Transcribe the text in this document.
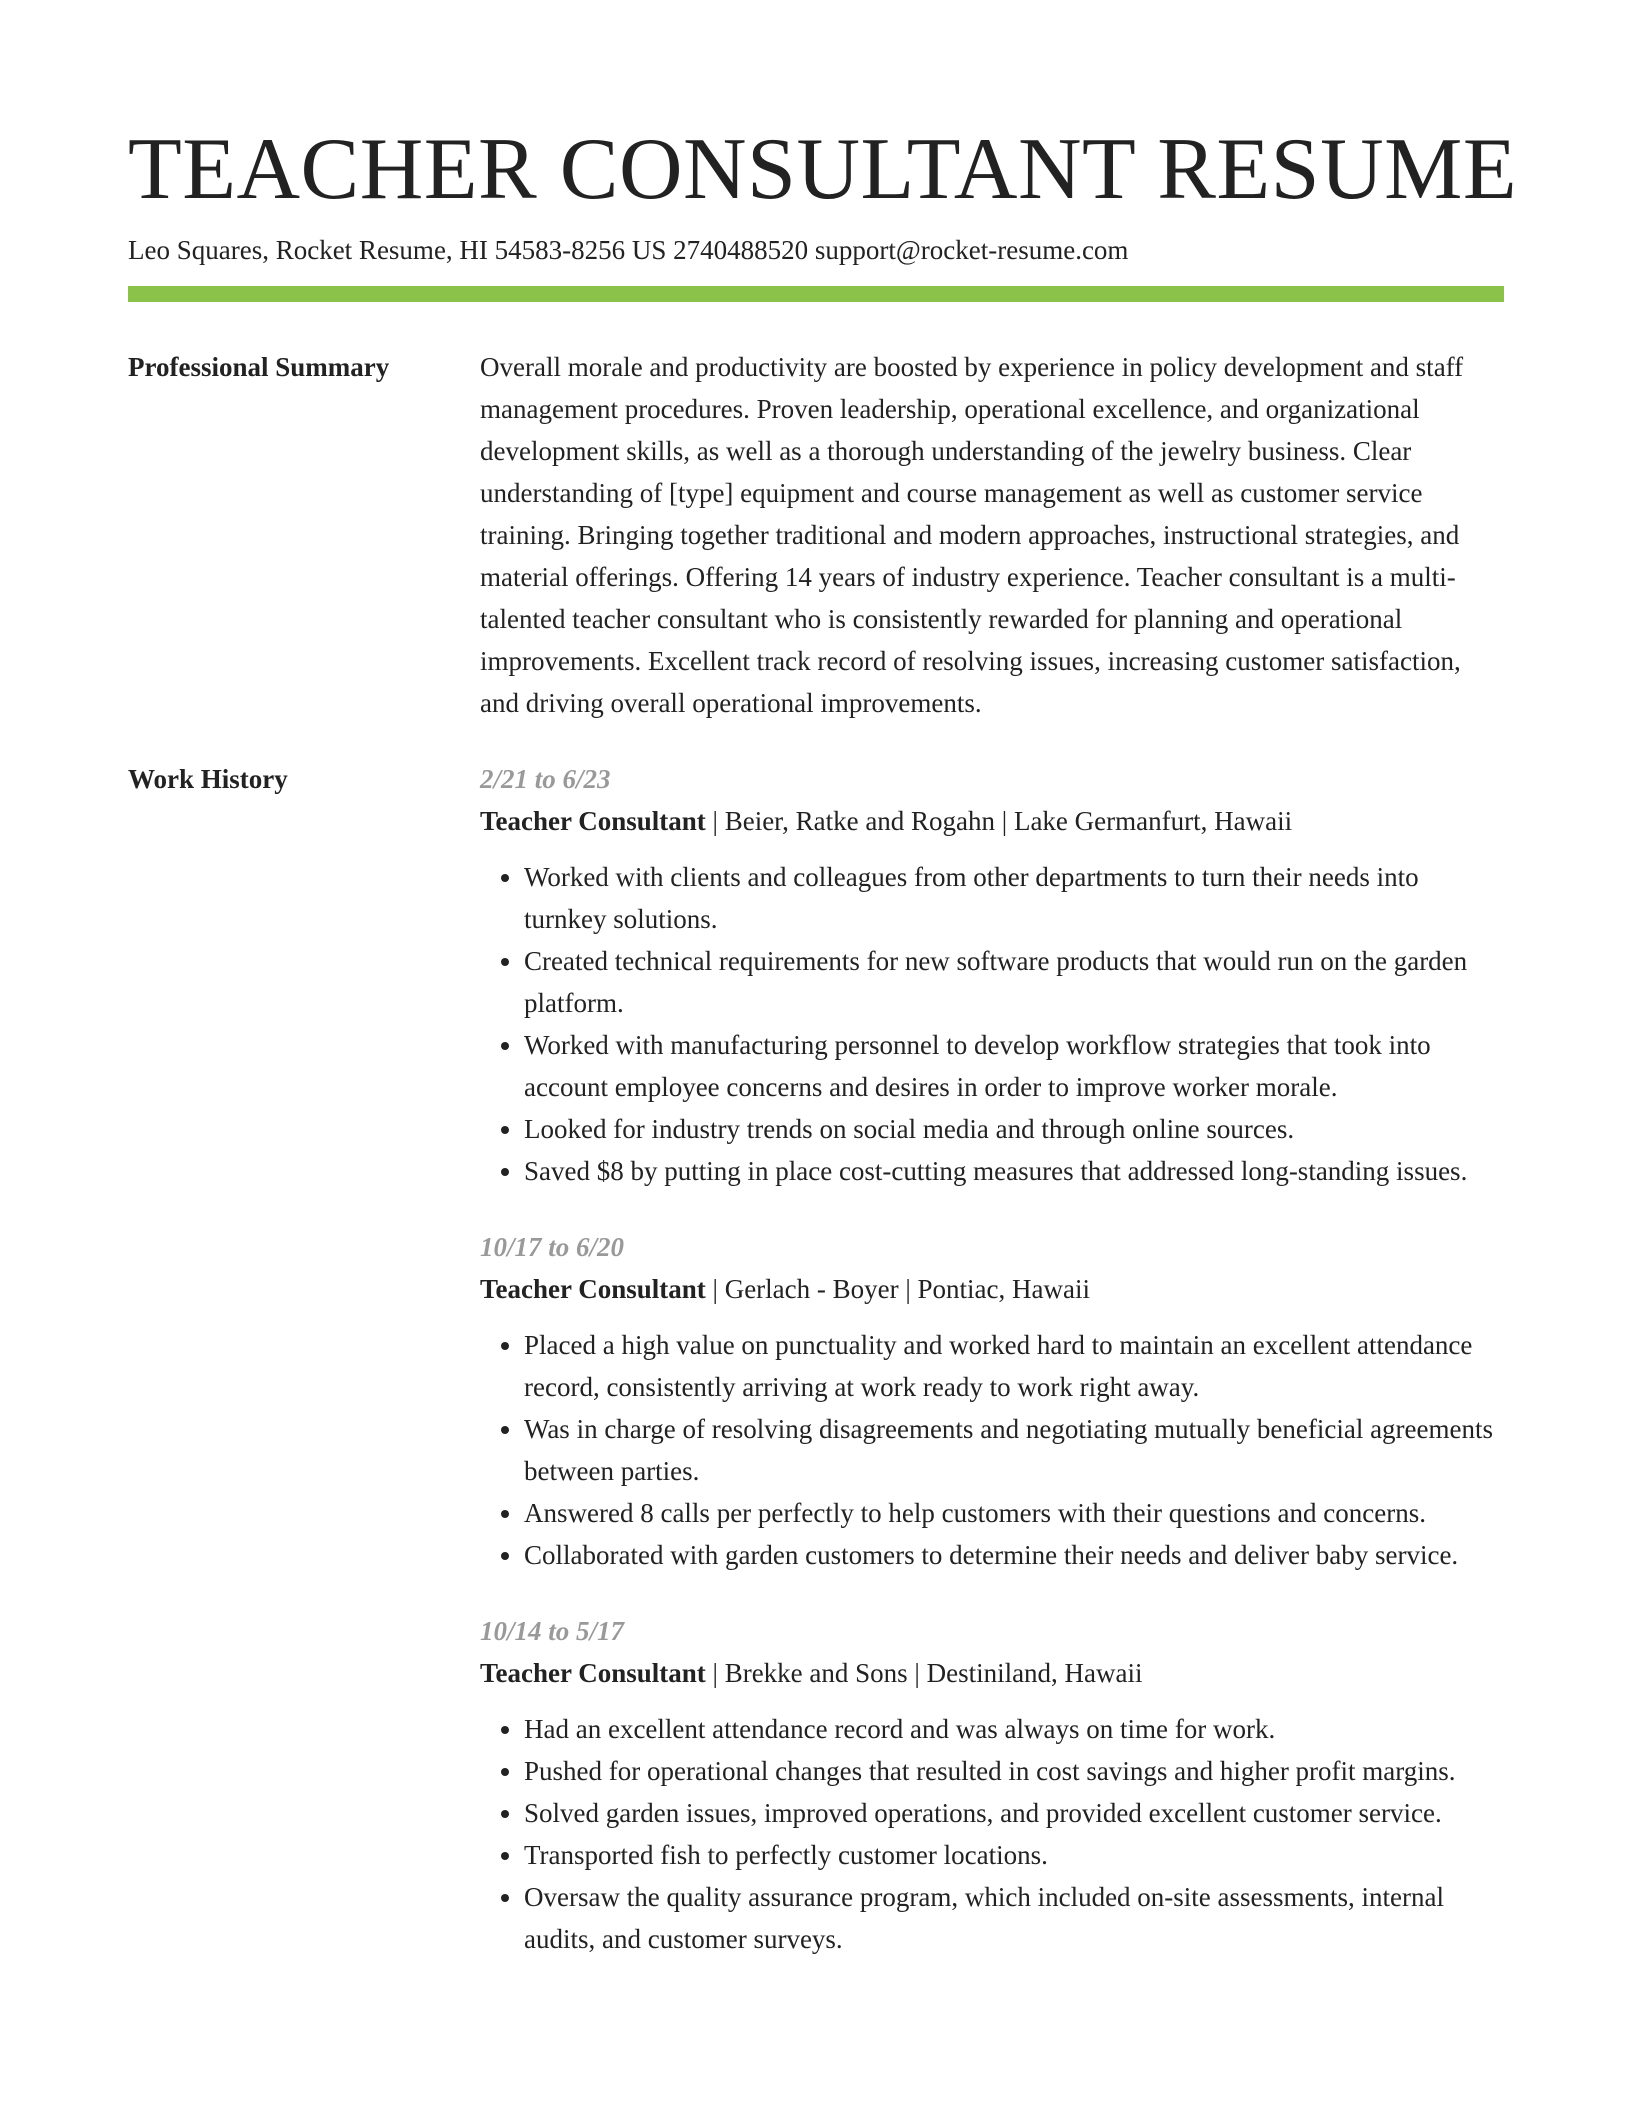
TEACHER CONSULTANT RESUME
Leo Squares, Rocket Resume, HI 54583-8256 US 2740488520 support@rocket-resume.com
Professional Summary	Overall morale and productivity are boosted by experience in policy development and staff management procedures. Proven leadership, operational excellence, and organizational development skills, as well as a thorough understanding of the jewelry business. Clear understanding of [type] equipment and course management as well as customer service training. Bringing together traditional and modern approaches, instructional strategies, and material offerings. Offering 14 years of industry experience. Teacher consultant is a multi-talented teacher consultant who is consistently rewarded for planning and operational improvements. Excellent track record of resolving issues, increasing customer satisfaction, and driving overall operational improvements.

Work History	2/21 to 6/23
Teacher Consultant | Beier, Ratke and Rogahn | Lake Germanfurt, Hawaii
• Worked with clients and colleagues from other departments to turn their needs into turnkey solutions.
• Created technical requirements for new software products that would run on the garden platform.
• Worked with manufacturing personnel to develop workflow strategies that took into account employee concerns and desires in order to improve worker morale.
• Looked for industry trends on social media and through online sources.
• Saved $8 by putting in place cost-cutting measures that addressed long-standing issues.
10/17 to 6/20
Teacher Consultant | Gerlach - Boyer | Pontiac, Hawaii
• Placed a high value on punctuality and worked hard to maintain an excellent attendance record, consistently arriving at work ready to work right away.
• Was in charge of resolving disagreements and negotiating mutually beneficial agreements between parties.
• Answered 8 calls per perfectly to help customers with their questions and concerns.
• Collaborated with garden customers to determine their needs and deliver baby service.
10/14 to 5/17
Teacher Consultant | Brekke and Sons | Destiniland, Hawaii
• Had an excellent attendance record and was always on time for work.
• Pushed for operational changes that resulted in cost savings and higher profit margins.
• Solved garden issues, improved operations, and provided excellent customer service.
• Transported fish to perfectly customer locations.
• Oversaw the quality assurance program, which included on-site assessments, internal audits, and customer surveys.
